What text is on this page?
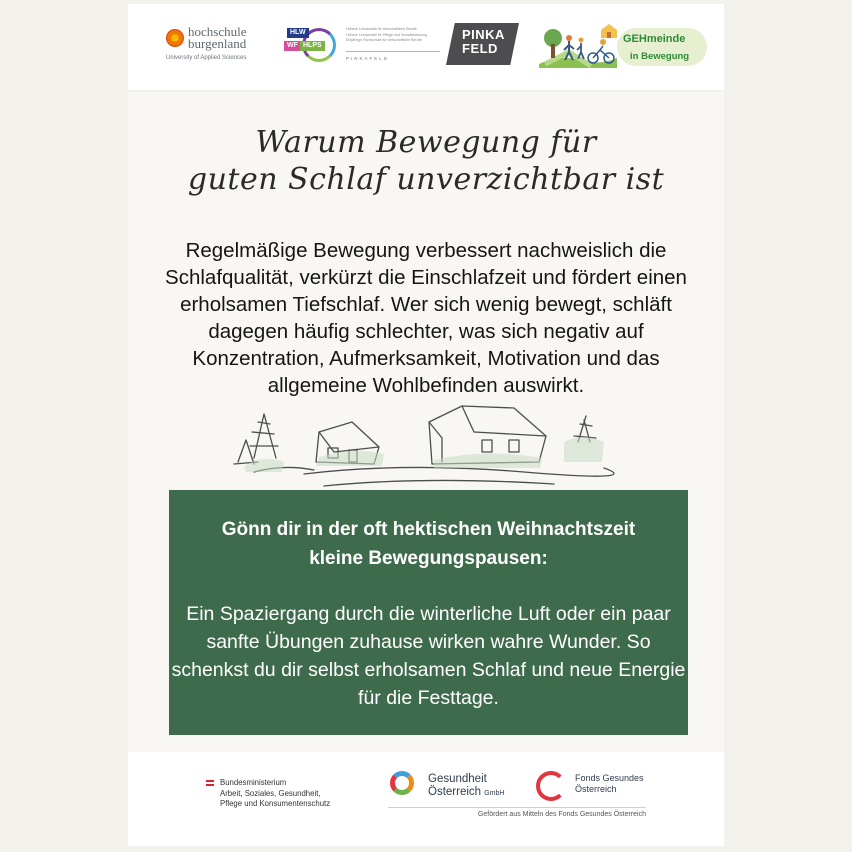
hochschule
burgenland
University of Applied Sciences
HLW
WF HLPS
Höhere Lehranstalt für wirtschaftliche Berufe
Höhere Lehranstalt für Pflege und Sozialbetreuung
Einjährige Fachschule für wirtschaftliche Berufe
PINKAFELD
PINKA
FELD
GEHmeinde
in Bewegung
Warum Bewegung für
guten Schlaf unverzichtbar ist
Regelmäßige Bewegung verbessert nachweislich die Schlafqualität, verkürzt die Einschlafzeit und fördert einen erholsamen Tiefschlaf. Wer sich wenig bewegt, schläft dagegen häufig schlechter, was sich negativ auf Konzentration, Aufmerksamkeit, Motivation und das allgemeine Wohlbefinden auswirkt.
Gönn dir in der oft hektischen Weihnachtszeit
kleine Bewegungspausen:
Ein Spaziergang durch die winterliche Luft oder ein paar sanfte Übungen zuhause wirken wahre Wunder. So schenkst du dir selbst erholsamen Schlaf und neue Energie für die Festtage.
Bundesministerium
Arbeit, Soziales, Gesundheit,
Pflege und Konsumentenschutz
Gesundheit
Österreich GmbH
Fonds Gesundes
Österreich
Gefördert aus Mitteln des Fonds Gesundes Österreich
